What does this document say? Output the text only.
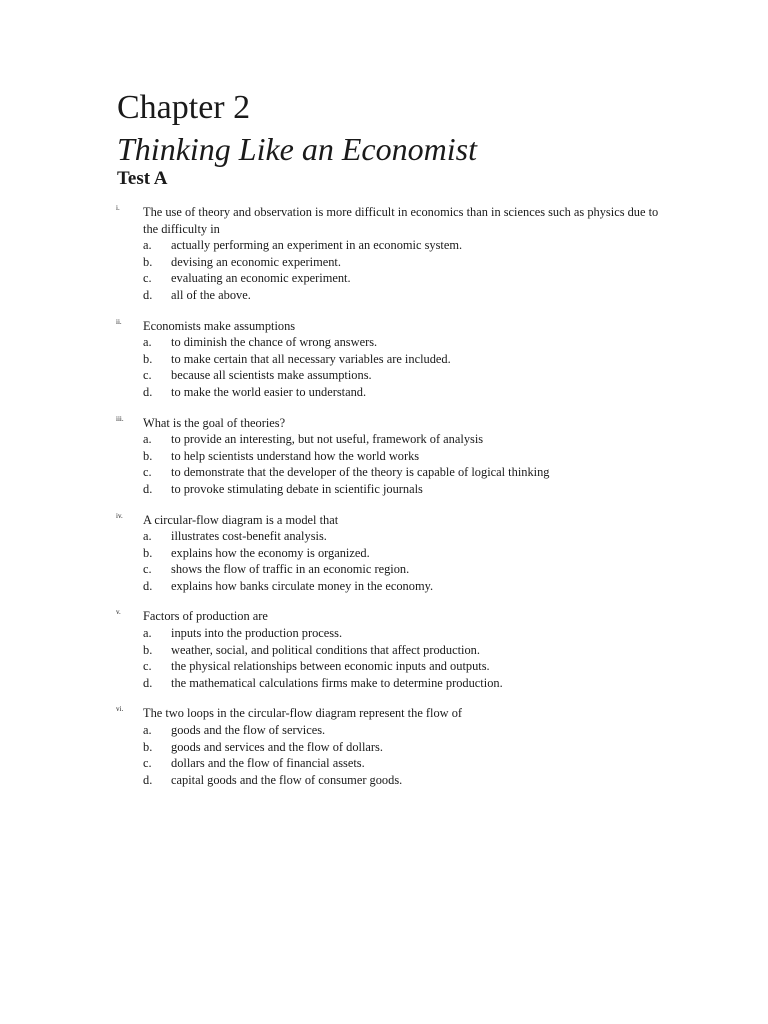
Chapter 2
Thinking Like an Economist
Test A
i. The use of theory and observation is more difficult in economics than in sciences such as physics due to the difficulty in
a. actually performing an experiment in an economic system.
b. devising an economic experiment.
c. evaluating an economic experiment.
d. all of the above.
ii. Economists make assumptions
a. to diminish the chance of wrong answers.
b. to make certain that all necessary variables are included.
c. because all scientists make assumptions.
d. to make the world easier to understand.
iii. What is the goal of theories?
a. to provide an interesting, but not useful, framework of analysis
b. to help scientists understand how the world works
c. to demonstrate that the developer of the theory is capable of logical thinking
d. to provoke stimulating debate in scientific journals
iv. A circular-flow diagram is a model that
a. illustrates cost-benefit analysis.
b. explains how the economy is organized.
c. shows the flow of traffic in an economic region.
d. explains how banks circulate money in the economy.
v. Factors of production are
a. inputs into the production process.
b. weather, social, and political conditions that affect production.
c. the physical relationships between economic inputs and outputs.
d. the mathematical calculations firms make to determine production.
vi. The two loops in the circular-flow diagram represent the flow of
a. goods and the flow of services.
b. goods and services and the flow of dollars.
c. dollars and the flow of financial assets.
d. capital goods and the flow of consumer goods.
